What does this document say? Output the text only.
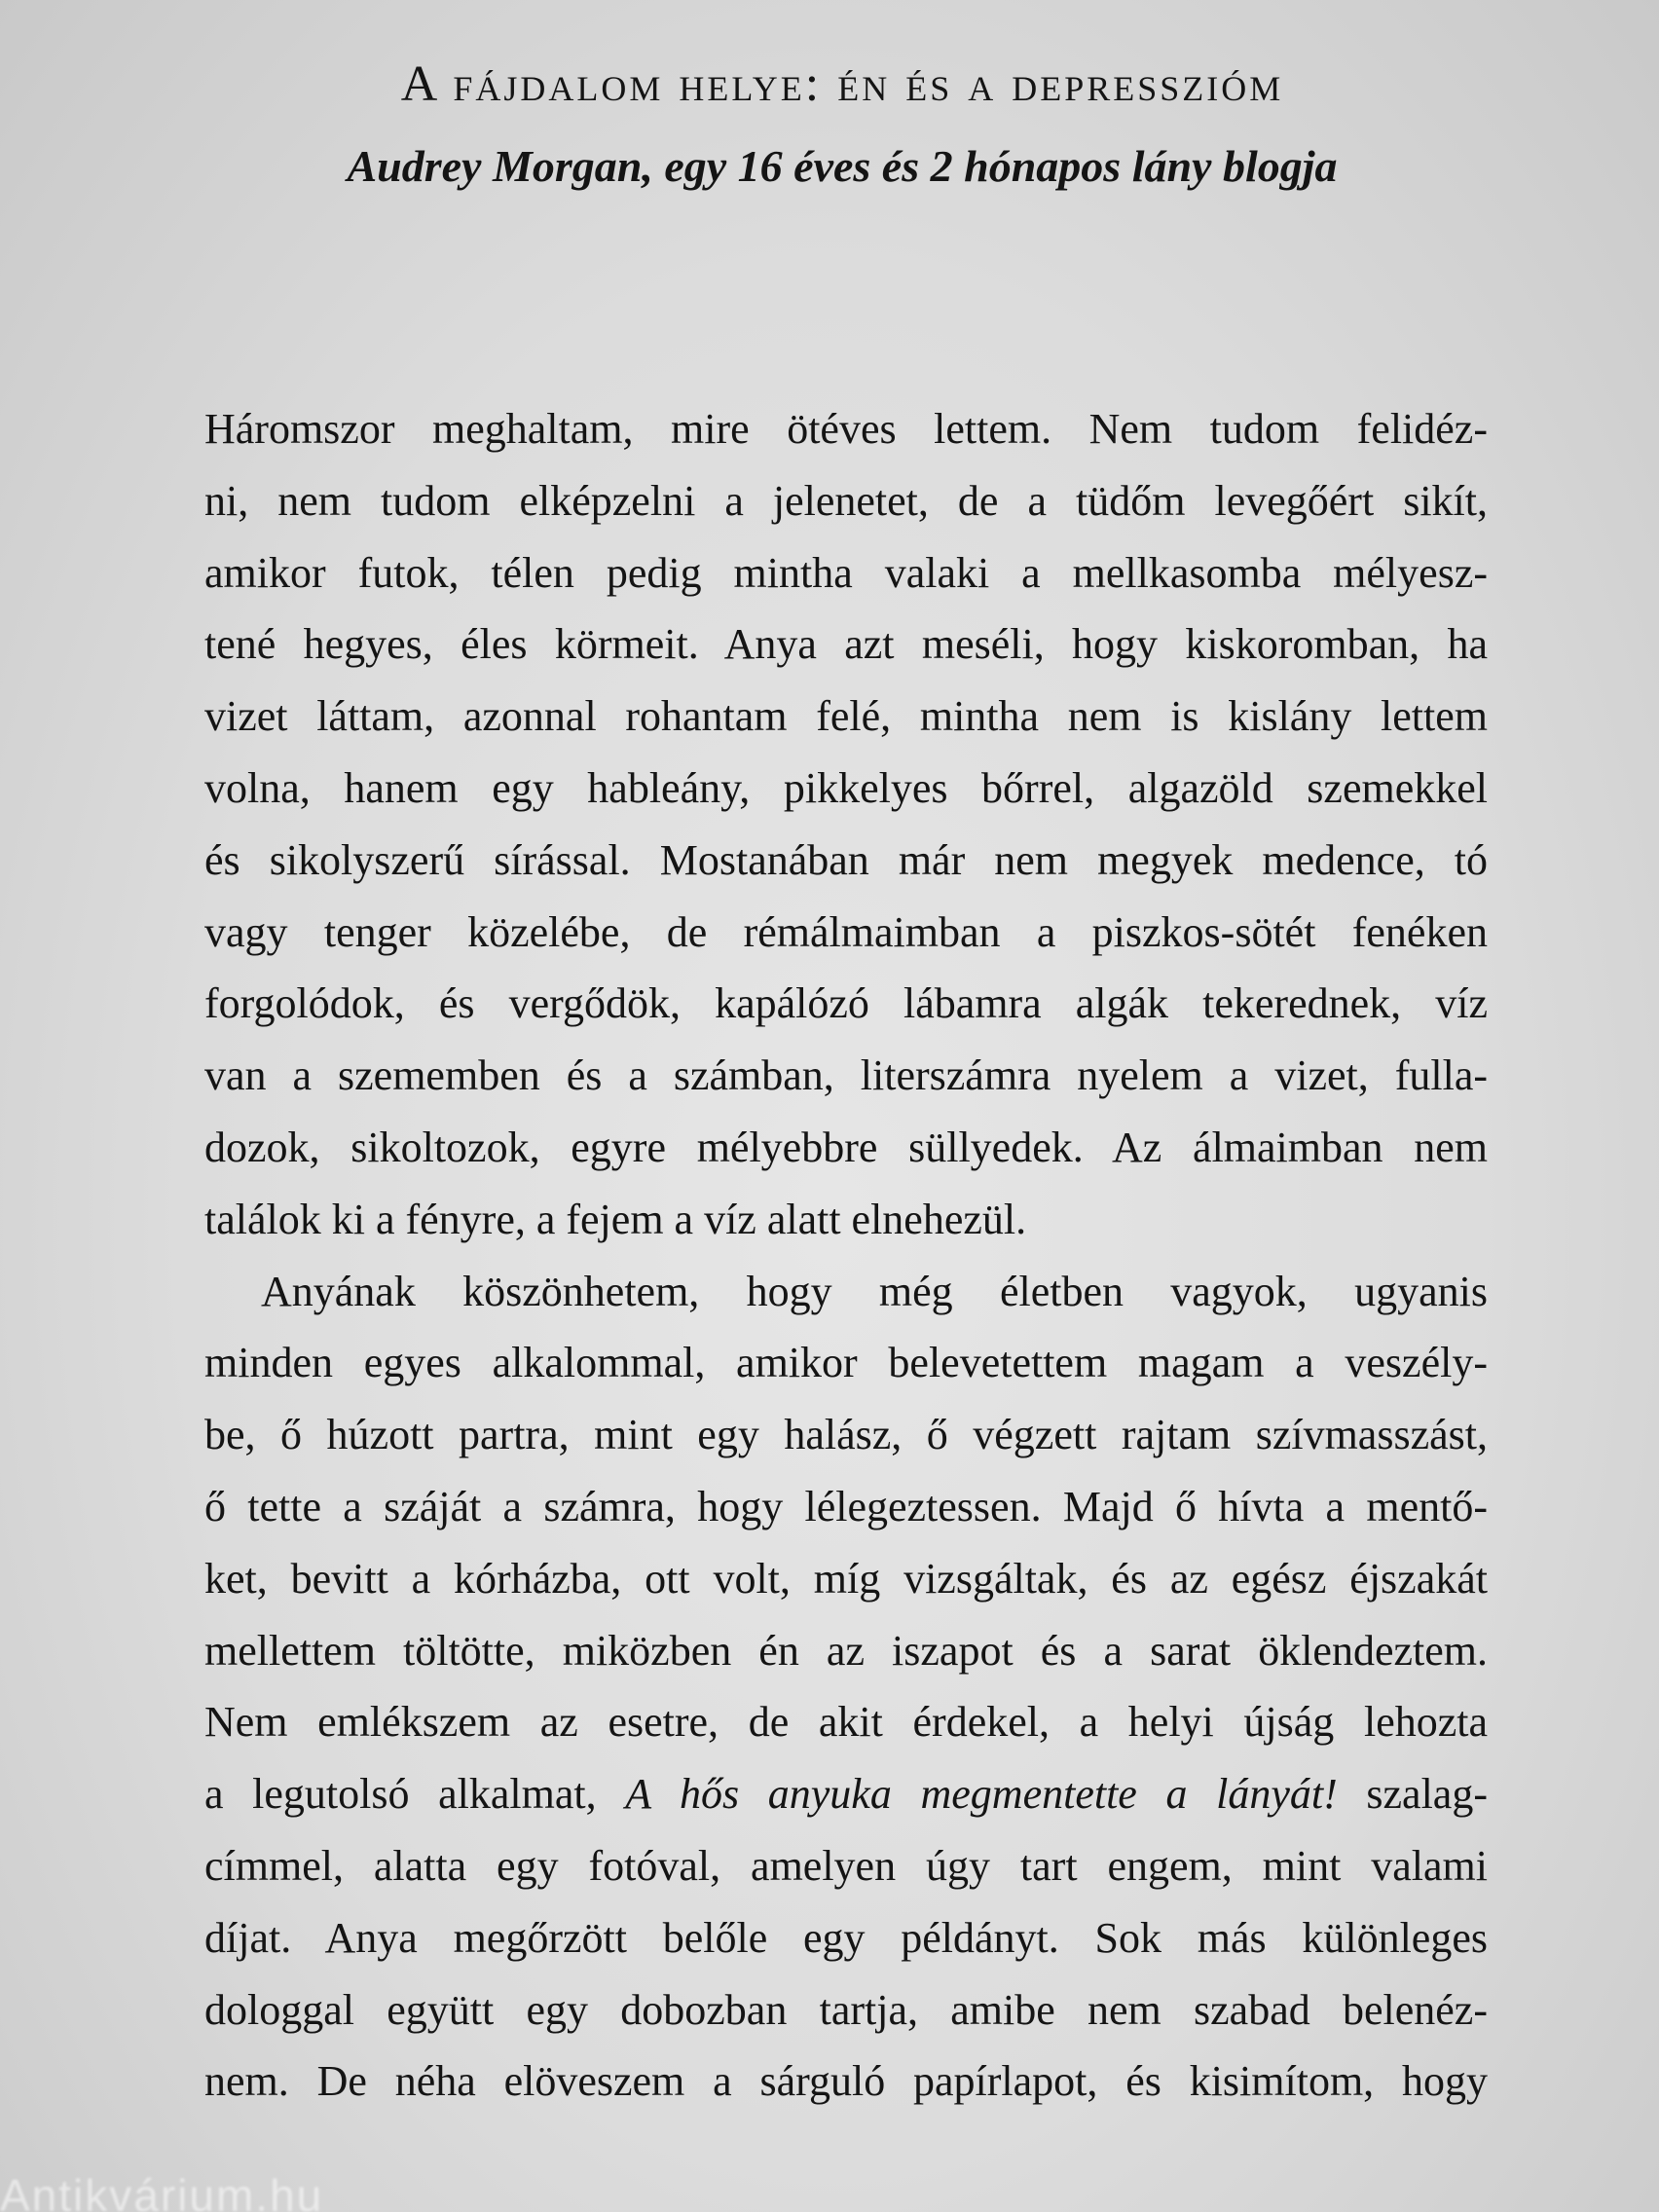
A fájdalom helye: én és a depresszióm
Audrey Morgan, egy 16 éves és 2 hónapos lány blogja
Háromszor meghaltam, mire ötéves lettem. Nem tudom felidéz-
ni, nem tudom elképzelni a jelenetet, de a tüdőm levegőért sikít,
amikor futok, télen pedig mintha valaki a mellkasomba mélyesz-
tené hegyes, éles körmeit. Anya azt meséli, hogy kiskoromban, ha
vizet láttam, azonnal rohantam felé, mintha nem is kislány lettem
volna, hanem egy hableány, pikkelyes bőrrel, algazöld szemekkel
és sikolyszerű sírással. Mostanában már nem megyek medence, tó
vagy tenger közelébe, de rémálmaimban a piszkos-sötét fenéken
forgolódok, és vergődök, kapálózó lábamra algák tekerednek, víz
van a szememben és a számban, literszámra nyelem a vizet, fulla-
dozok, sikoltozok, egyre mélyebbre süllyedek. Az álmaimban nem
találok ki a fényre, a fejem a víz alatt elnehezül.
Anyának köszönhetem, hogy még életben vagyok, ugyanis
minden egyes alkalommal, amikor belevetettem magam a veszély-
be, ő húzott partra, mint egy halász, ő végzett rajtam szívmasszást,
ő tette a száját a számra, hogy lélegeztessen. Majd ő hívta a mentő-
ket, bevitt a kórházba, ott volt, míg vizsgáltak, és az egész éjszakát
mellettem töltötte, miközben én az iszapot és a sarat öklendeztem.
Nem emlékszem az esetre, de akit érdekel, a helyi újság lehozta
a legutolsó alkalmat, A hős anyuka megmentette a lányát! szalag-
címmel, alatta egy fotóval, amelyen úgy tart engem, mint valami
díjat. Anya megőrzött belőle egy példányt. Sok más különleges
dologgal együtt egy dobozban tartja, amibe nem szabad belenéz-
nem. De néha elöveszem a sárguló papírlapot, és kisimítom, hogy
Antikvárium.hu
